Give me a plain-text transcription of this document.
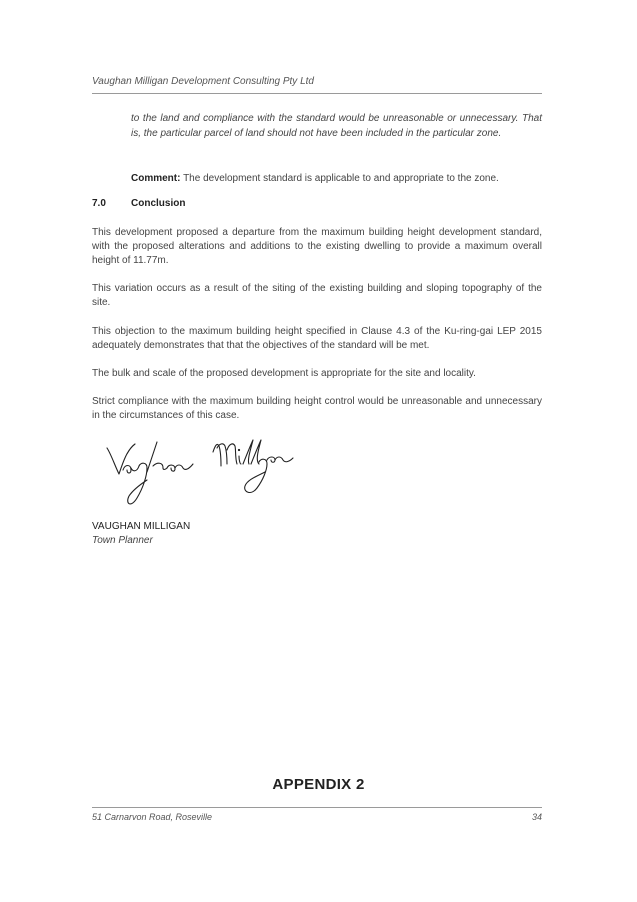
Vaughan Milligan Development Consulting Pty Ltd
to the land and compliance with the standard would be unreasonable or unnecessary. That is, the particular parcel of land should not have been included in the particular zone.
Comment: The development standard is applicable to and appropriate to the zone.
7.0	Conclusion
This development proposed a departure from the maximum building height development standard, with the proposed alterations and additions to the existing dwelling to provide a maximum overall height of 11.77m.
This variation occurs as a result of the siting of the existing building and sloping topography of the site.
This objection to the maximum building height specified in Clause 4.3 of the Ku-ring-gai LEP 2015 adequately demonstrates that that the objectives of the standard will be met.
The bulk and scale of the proposed development is appropriate for the site and locality.
Strict compliance with the maximum building height control would be unreasonable and unnecessary in the circumstances of this case.
VAUGHAN MILLIGAN
Town Planner
APPENDIX 2
51 Carnarvon Road, Roseville	34
